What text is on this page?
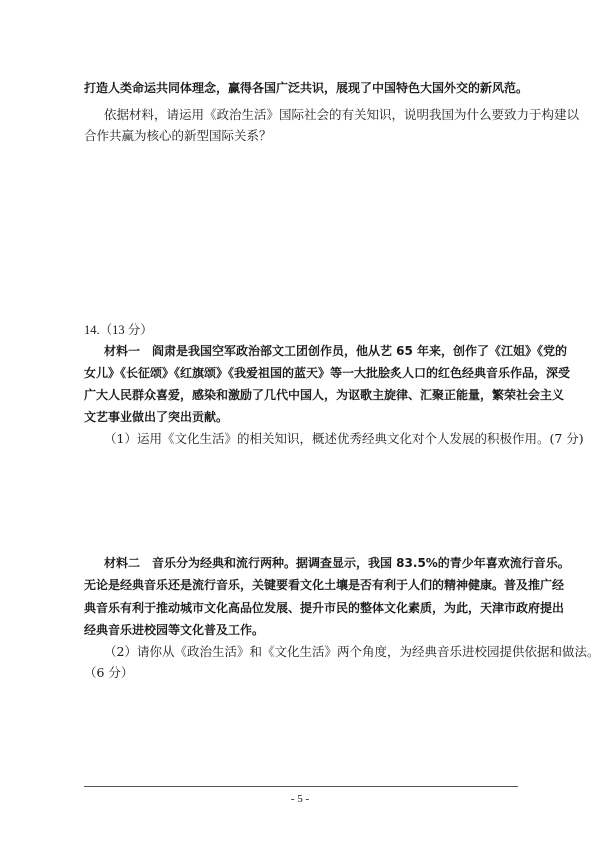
打造人类命运共同体理念，赢得各国广泛共识，展现了中国特色大国外交的新风范。
依据材料，请运用《政治生活》国际社会的有关知识，说明我国为什么要致力于构建以
合作共赢为核心的新型国际关系？
14.（13 分）
材料一　阎肃是我国空军政治部文工团创作员，他从艺 65 年来，创作了《江姐》《党的
女儿》《长征颂》《红旗颂》《我爱祖国的蓝天》等一大批脍炙人口的红色经典音乐作品，深受
广大人民群众喜爱，感染和激励了几代中国人，为讴歌主旋律、汇聚正能量，繁荣社会主义
文艺事业做出了突出贡献。
（1）运用《文化生活》的相关知识，概述优秀经典文化对个人发展的积极作用。(7 分)
材料二　音乐分为经典和流行两种。据调查显示，我国 83.5%的青少年喜欢流行音乐。
无论是经典音乐还是流行音乐，关键要看文化土壤是否有利于人们的精神健康。普及推广经
典音乐有利于推动城市文化高品位发展、提升市民的整体文化素质，为此，天津市政府提出
经典音乐进校园等文化普及工作。
（2）请你从《政治生活》和《文化生活》两个角度，为经典音乐进校园提供依据和做法。
（6 分）
- 5 -
